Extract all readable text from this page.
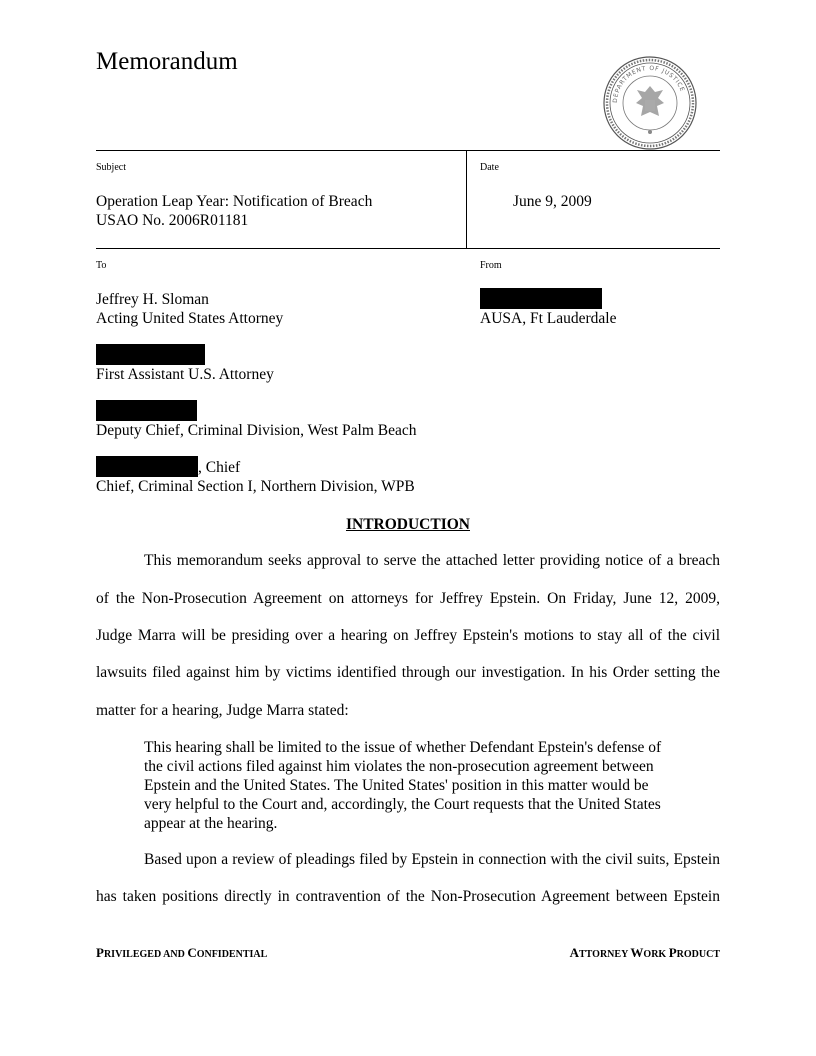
Memorandum
DEPARTMENT OF JUSTICE
Subject
Operation Leap Year: Notification of Breach
USAO No. 2006R01181
Date
June 9, 2009
To
Jeffrey H. Sloman
Acting United States Attorney
First Assistant U.S. Attorney
Deputy Chief, Criminal Division, West Palm Beach
, Chief
Chief, Criminal Section I, Northern Division, WPB
From
AUSA, Ft Lauderdale
INTRODUCTION
This memorandum seeks approval to serve the attached letter providing notice of a breach
of the Non-Prosecution Agreement on attorneys for Jeffrey Epstein. On Friday, June 12, 2009,
Judge Marra will be presiding over a hearing on Jeffrey Epstein's motions to stay all of the civil
lawsuits filed against him by victims identified through our investigation. In his Order setting the
matter for a hearing, Judge Marra stated:
This hearing shall be limited to the issue of whether Defendant Epstein's defense of
the civil actions filed against him violates the non-prosecution agreement between
Epstein and the United States. The United States' position in this matter would be
very helpful to the Court and, accordingly, the Court requests that the United States
appear at the hearing.
Based upon a review of pleadings filed by Epstein in connection with the civil suits, Epstein
has taken positions directly in contravention of the Non-Prosecution Agreement between Epstein
PRIVILEGED AND CONFIDENTIAL	ATTORNEY WORK PRODUCT
